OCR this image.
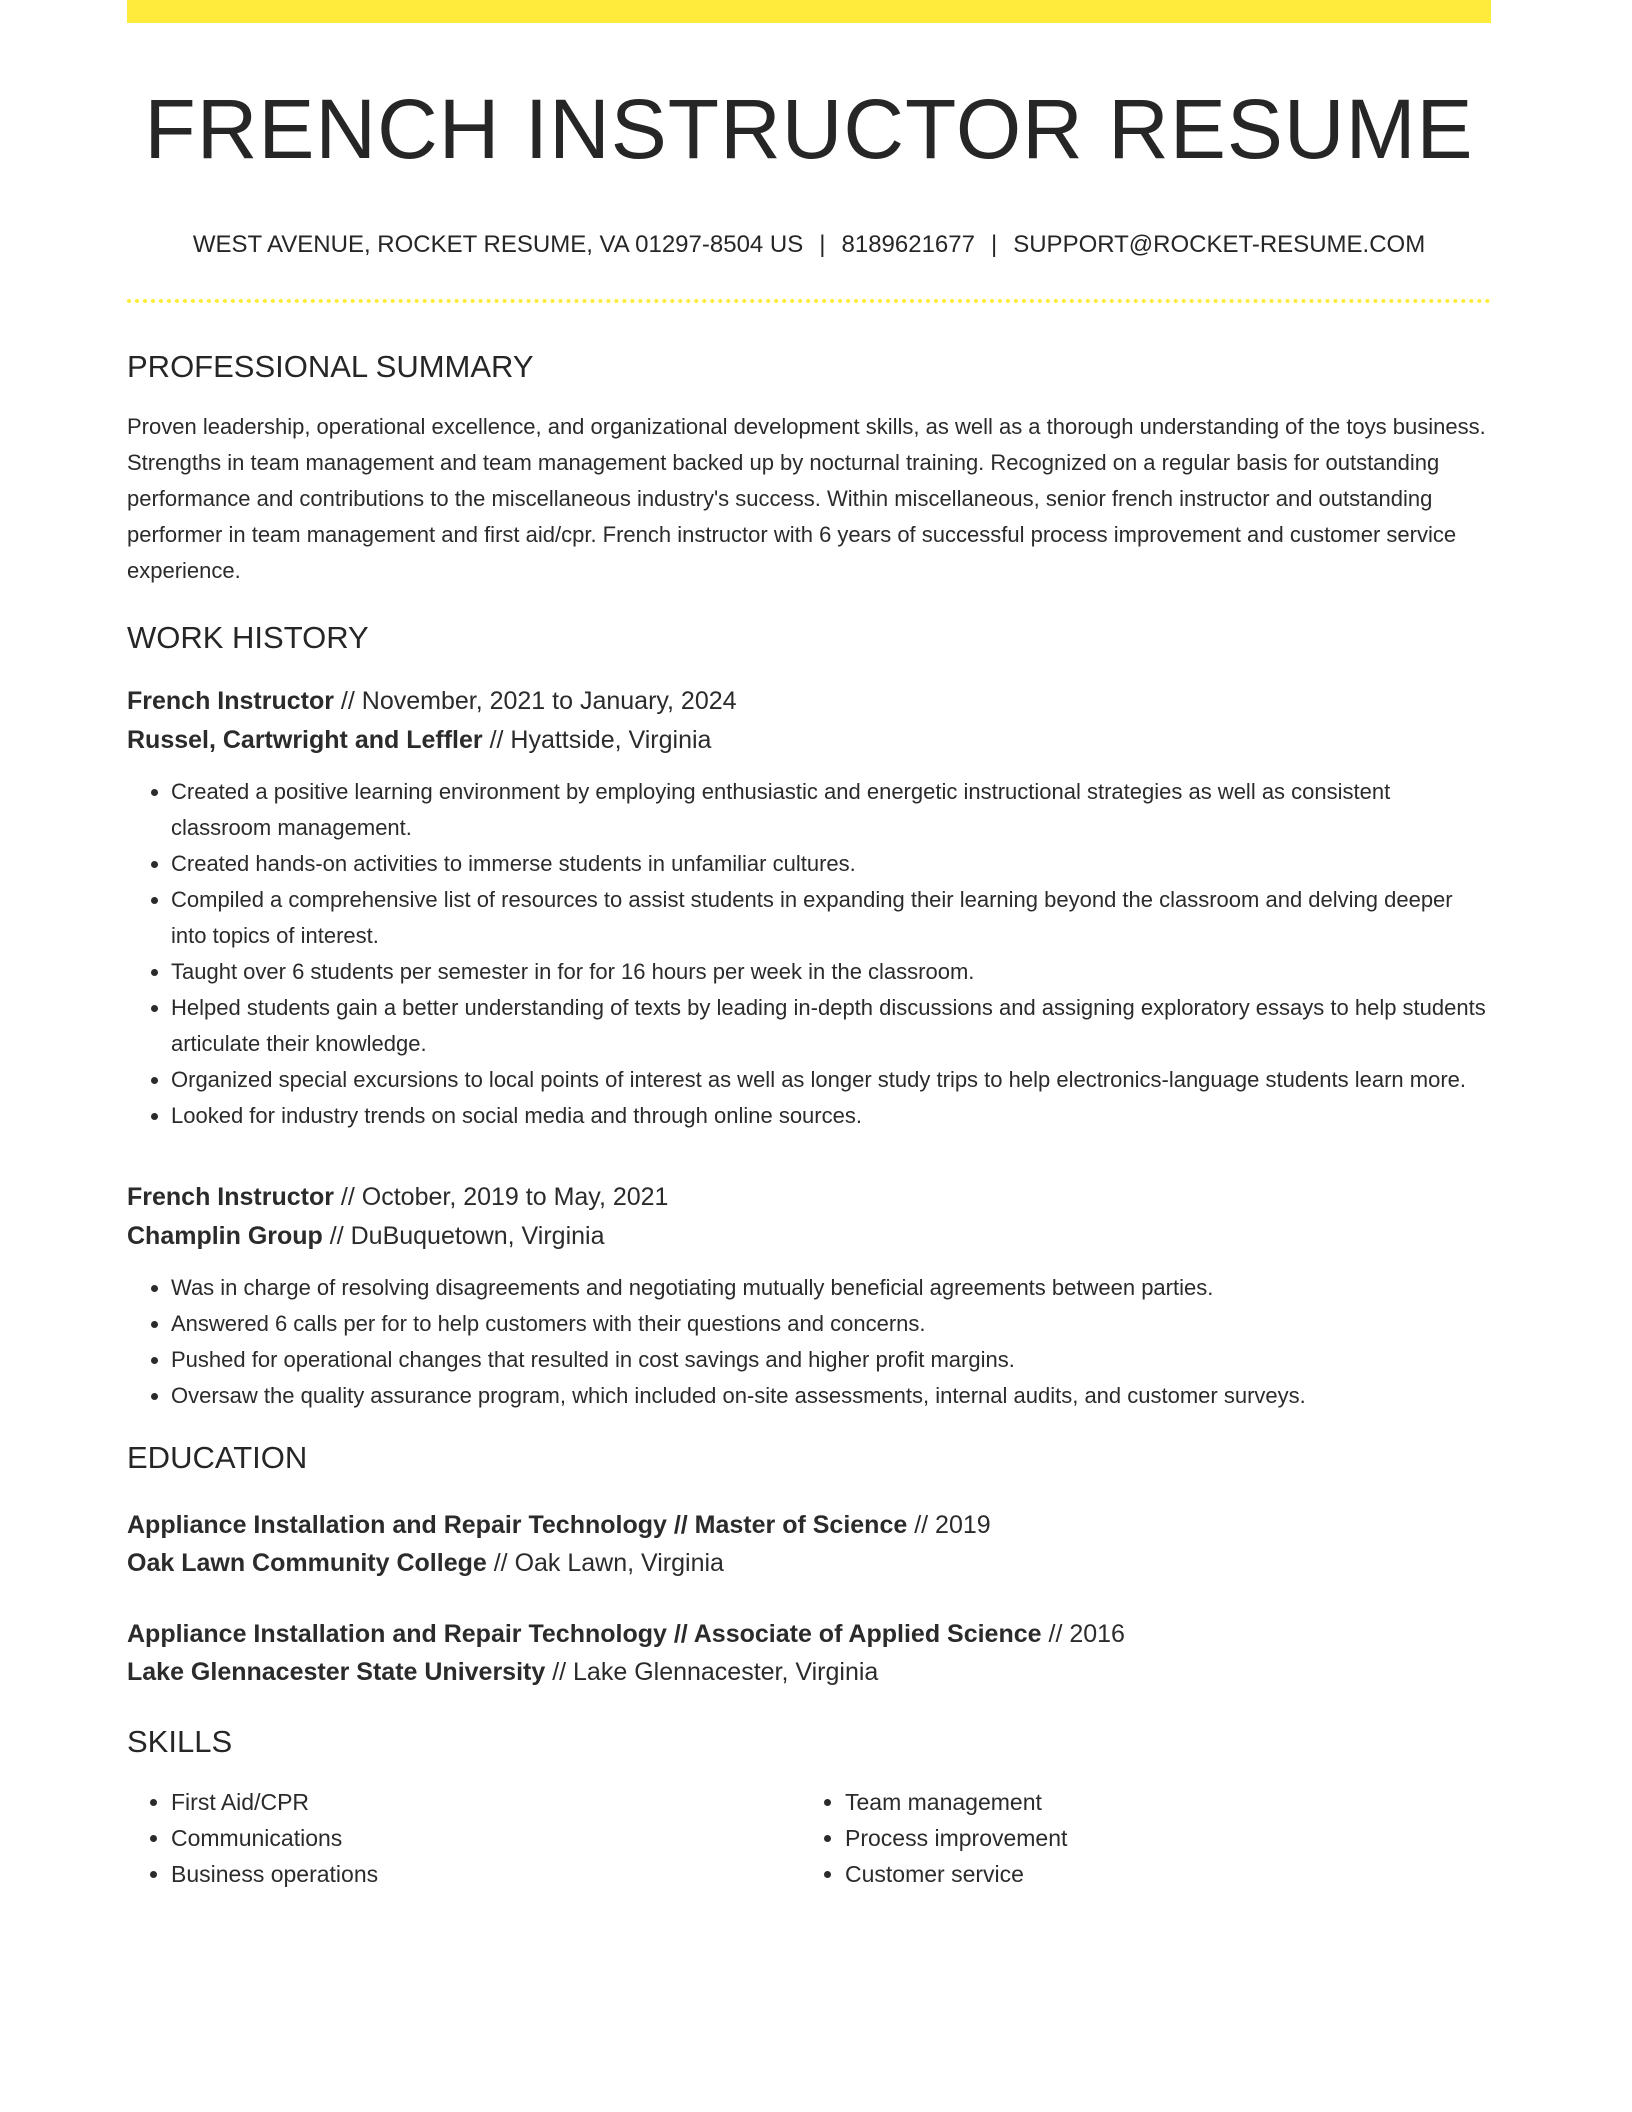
FRENCH INSTRUCTOR RESUME
WEST AVENUE, ROCKET RESUME, VA 01297-8504 US | 8189621677 | SUPPORT@ROCKET-RESUME.COM
PROFESSIONAL SUMMARY

Proven leadership, operational excellence, and organizational development skills, as well as a thorough understanding of the toys business. Strengths in team management and team management backed up by nocturnal training. Recognized on a regular basis for outstanding performance and contributions to the miscellaneous industry's success. Within miscellaneous, senior french instructor and outstanding performer in team management and first aid/cpr. French instructor with 6 years of successful process improvement and customer service experience.

WORK HISTORY
French Instructor // November, 2021 to January, 2024
Russel, Cartwright and Leffler // Hyattside, Virginia
• Created a positive learning environment by employing enthusiastic and energetic instructional strategies as well as consistent classroom management.
• Created hands-on activities to immerse students in unfamiliar cultures.
• Compiled a comprehensive list of resources to assist students in expanding their learning beyond the classroom and delving deeper into topics of interest.
• Taught over 6 students per semester in for for 16 hours per week in the classroom.
• Helped students gain a better understanding of texts by leading in-depth discussions and assigning exploratory essays to help students articulate their knowledge.
• Organized special excursions to local points of interest as well as longer study trips to help electronics-language students learn more.
• Looked for industry trends on social media and through online sources.
French Instructor // October, 2019 to May, 2021
Champlin Group // DuBuquetown, Virginia
• Was in charge of resolving disagreements and negotiating mutually beneficial agreements between parties.
• Answered 6 calls per for to help customers with their questions and concerns.
• Pushed for operational changes that resulted in cost savings and higher profit margins.
• Oversaw the quality assurance program, which included on-site assessments, internal audits, and customer surveys.
EDUCATION
Appliance Installation and Repair Technology // Master of Science // 2019
Oak Lawn Community College // Oak Lawn, Virginia
Appliance Installation and Repair Technology // Associate of Applied Science // 2016
Lake Glennacester State University // Lake Glennacester, Virginia
SKILLS
• First Aid/CPR
• Communications
• Business operations
• Team management
• Process improvement
• Customer service
